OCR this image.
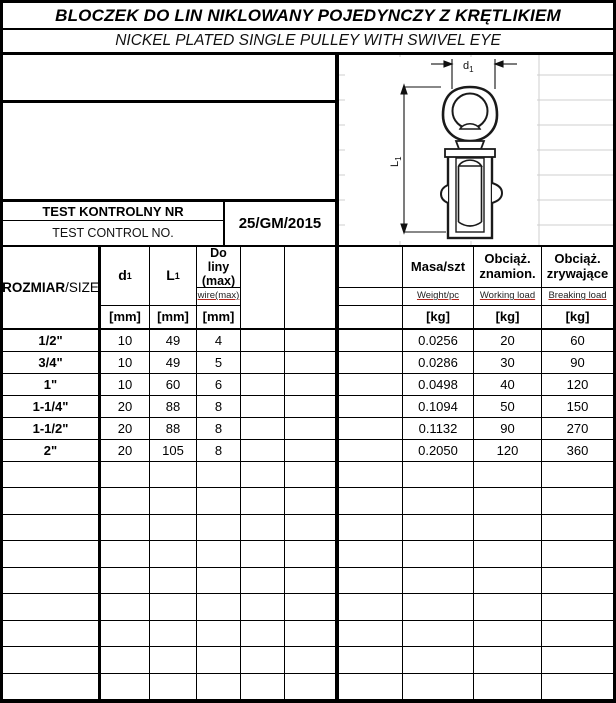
BLOCZEK DO LIN NIKLOWANY POJEDYNCZY Z KRĘTLIKIEM
NICKEL PLATED SINGLE PULLEY WITH SWIVEL EYE
TEST KONTROLNY NR
TEST CONTROL NO.
25/GM/2015
$d_1$
$L_1$
ROZMIAR /SIZE
d 1
[mm]
L 1
[mm]
Do liny (max)
wire(max)
[mm]
Masa/szt
Weight/pc
[kg]
Obciąż. znamion.
Working load
[kg]
Obciąż. zrywające
Breaking load
[kg]
1/2"	10	49	4	0.0256	20	60
3/4"	10	49	5	0.0286	30	90
1"	10	60	6	0.0498	40	120
1-1/4"	20	88	8	0.1094	50	150
1-1/2"	20	88	8	0.1132	90	270
2"	20	105	8	0.2050	120	360
